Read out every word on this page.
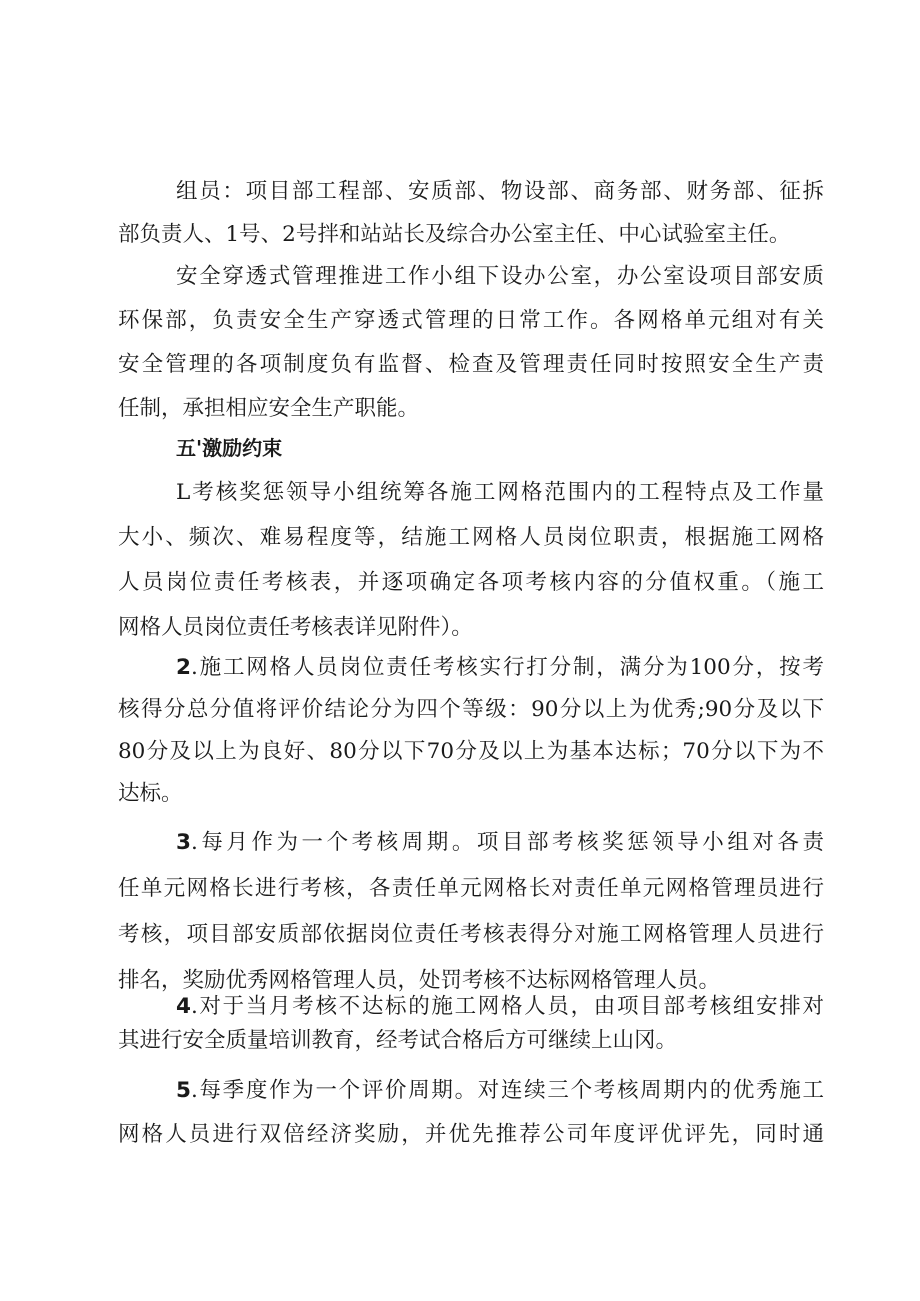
组员：项目部工程部、安质部、物设部、商务部、财务部、征拆
部负责人、1号、2号拌和站站长及综合办公室主任、中心试验室主任。

安全穿透式管理推进工作小组下设办公室，办公室设项目部安质
环保部，负责安全生产穿透式管理的日常工作。各网格单元组对有关
安全管理的各项制度负有监督、检查及管理责任同时按照安全生产责
任制，承担相应安全生产职能。

五'激励约束

L考核奖惩领导小组统筹各施工网格范围内的工程特点及工作量
大小、频次、难易程度等，结施工网格人员岗位职责，根据施工网格
人员岗位责任考核表，并逐项确定各项考核内容的分值权重。（施工
网格人员岗位责任考核表详见附件）。

2.施工网格人员岗位责任考核实行打分制，满分为100分，按考
核得分总分值将评价结论分为四个等级：90分以上为优秀;90分及以下
80分及以上为良好、80分以下70分及以上为基本达标；70分以下为不
达标。

3.每月作为一个考核周期。项目部考核奖惩领导小组对各责
任单元网格长进行考核，各责任单元网格长对责任单元网格管理员进行
考核，项目部安质部依据岗位责任考核表得分对施工网格管理人员进行
排名，奖励优秀网格管理人员，处罚考核不达标网格管理人员。

4.对于当月考核不达标的施工网格人员，由项目部考核组安排对
其进行安全质量培训教育，经考试合格后方可继续上山冈。

5.每季度作为一个评价周期。对连续三个考核周期内的优秀施工
网格人员进行双倍经济奖励，并优先推荐公司年度评优评先，同时通
